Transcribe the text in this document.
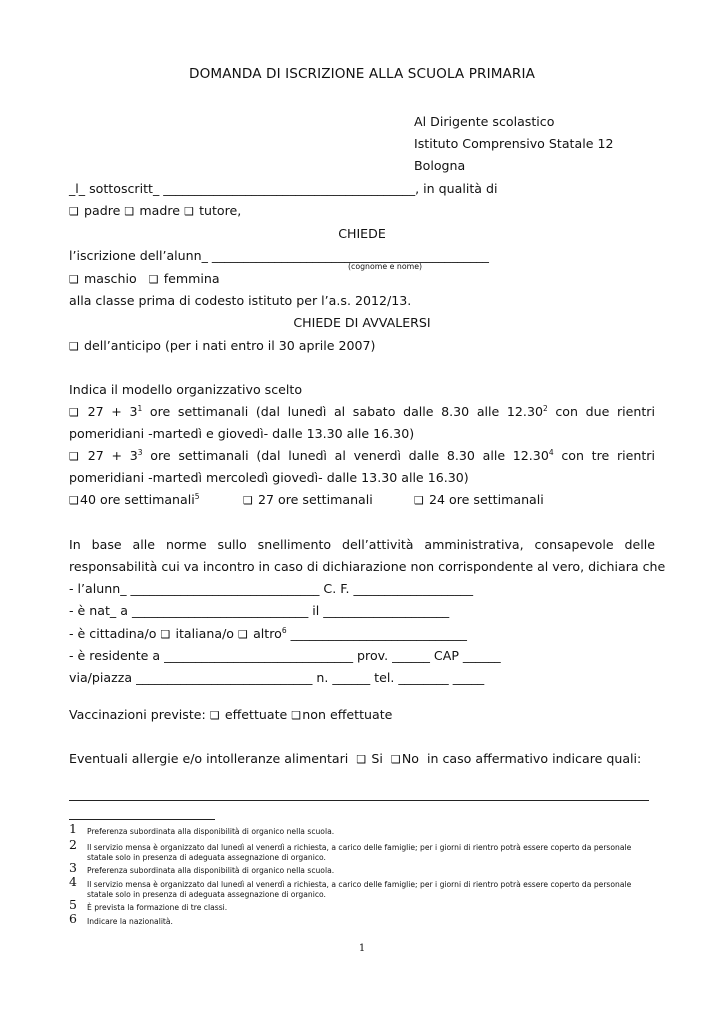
DOMANDA DI ISCRIZIONE ALLA SCUOLA PRIMARIA
Al Dirigente scolastico
Istituto Comprensivo Statale 12
Bologna
_l_ sottoscritt_ ________________________________________, in qualità di
❑ padre ❑ madre ❑ tutore,
CHIEDE
l’iscrizione dell’alunn_ ____________________________________________
(cognome e nome)
❑ maschio ❑ femmina
alla classe prima di codesto istituto per l’a.s. 2012/13.
CHIEDE DI AVVALERSI
❑ dell’anticipo (per i nati entro il 30 aprile 2007)
Indica il modello organizzativo scelto
❑ $27 + 3^1$ ore settimanali (dal lunedì al sabato dalle 8.30 alle 12.30$^2$ con due rientri
pomeridiani -martedì e giovedì- dalle 13.30 alle 16.30)
❑ $27 + 3^3$ ore settimanali (dal lunedì al venerdì dalle 8.30 alle 12.30$^4$ con tre rientri
pomeridiani -martedì mercoledì giovedì- dalle 13.30 alle 16.30)
❑40 ore settimanali$^5$	❑ 27 ore settimanali	❑ 24 ore settimanali
In base alle norme sullo snellimento dell’attività amministrativa, consapevole delle
responsabilità cui va incontro in caso di dichiarazione non corrispondente al vero, dichiara che
- l’alunn_ ______________________________ C. F. ___________________
- è nat_ a ____________________________ il ____________________
- è cittadina/o ❑ italiana/o ❑ altro$^6$ ____________________________
- è residente a ______________________________ prov. ______ CAP ______
via/piazza ____________________________ n. ______ tel. ________ _____
Vaccinazioni previste: ❑ effettuate ❑non effettuate
Eventuali allergie e/o intolleranze alimentari ❑ Si ❑No in caso affermativo indicare quali:
1 Preferenza subordinata alla disponibilità di organico nella scuola.
2 Il servizio mensa è organizzato dal lunedì al venerdì a richiesta, a carico delle famiglie; per i giorni di rientro potrà essere coperto da personale statale solo in presenza di adeguata assegnazione di organico.
3 Preferenza subordinata alla disponibilità di organico nella scuola.
4 Il servizio mensa è organizzato dal lunedì al venerdì a richiesta, a carico delle famiglie; per i giorni di rientro potrà essere coperto da personale statale solo in presenza di adeguata assegnazione di organico.
5 È prevista la formazione di tre classi.
6 Indicare la nazionalità.
1
